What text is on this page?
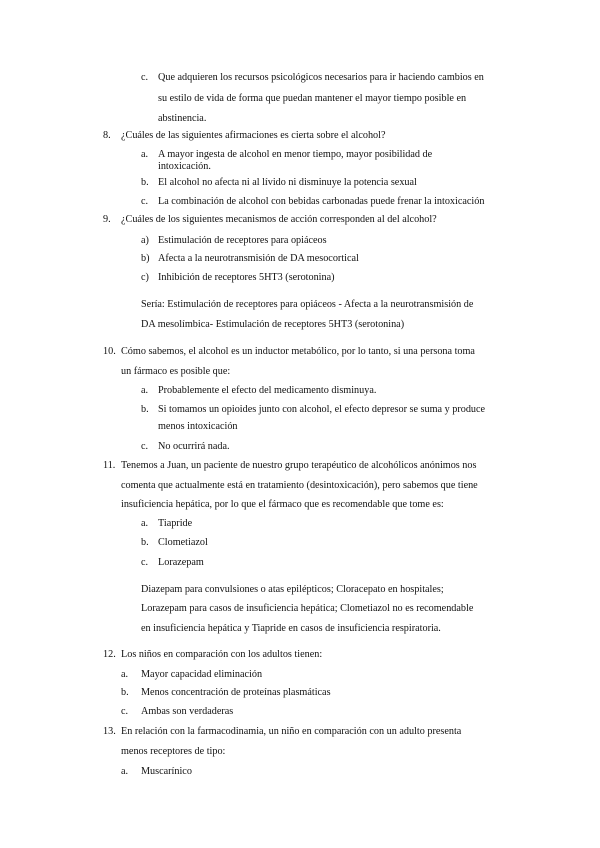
c. Que adquieren los recursos psicológicos necesarios para ir haciendo cambios en
su estilo de vida de forma que puedan mantener el mayor tiempo posible en
abstinencia.
8. ¿Cuáles de las siguientes afirmaciones es cierta sobre el alcohol?
a. A mayor ingesta de alcohol en menor tiempo, mayor posibilidad de
intoxicación.
b. El alcohol no afecta ni al lívido ni disminuye la potencia sexual
c. La combinación de alcohol con bebidas carbonadas puede frenar la intoxicación
9. ¿Cuáles de los siguientes mecanismos de acción corresponden al del alcohol?
a) Estimulación de receptores para opiáceos
b) Afecta a la neurotransmisión de DA mesocortical
c) Inhibición de receptores 5HT3 (serotonina)
Sería: Estimulación de receptores para opiáceos - Afecta a la neurotransmisión de
DA mesolímbica- Estimulación de receptores 5HT3 (serotonina)
10. Cómo sabemos, el alcohol es un inductor metabólico, por lo tanto, si una persona toma
un fármaco es posible que:
a. Probablemente el efecto del medicamento disminuya.
b. Si tomamos un opioides junto con alcohol, el efecto depresor se suma y produce
menos intoxicación
c. No ocurrirá nada.
11. Tenemos a Juan, un paciente de nuestro grupo terapéutico de alcohólicos anónimos nos
comenta que actualmente está en tratamiento (desintoxicación), pero sabemos que tiene
insuficiencia hepática, por lo que el fármaco que es recomendable que tome es:
a. Tiapride
b. Clometiazol
c. Lorazepam
Diazepam para convulsiones o atas epilépticos; Cloracepato en hospitales;
Lorazepam para casos de insuficiencia hepática; Clometiazol no es recomendable
en insuficiencia hepática y Tiapride en casos de insuficiencia respiratoria.
12. Los niños en comparación con los adultos tienen:
a. Mayor capacidad eliminación
b. Menos concentración de proteínas plasmáticas
c. Ambas son verdaderas
13. En relación con la farmacodinamia, un niño en comparación con un adulto presenta
menos receptores de tipo:
a. Muscarínico
